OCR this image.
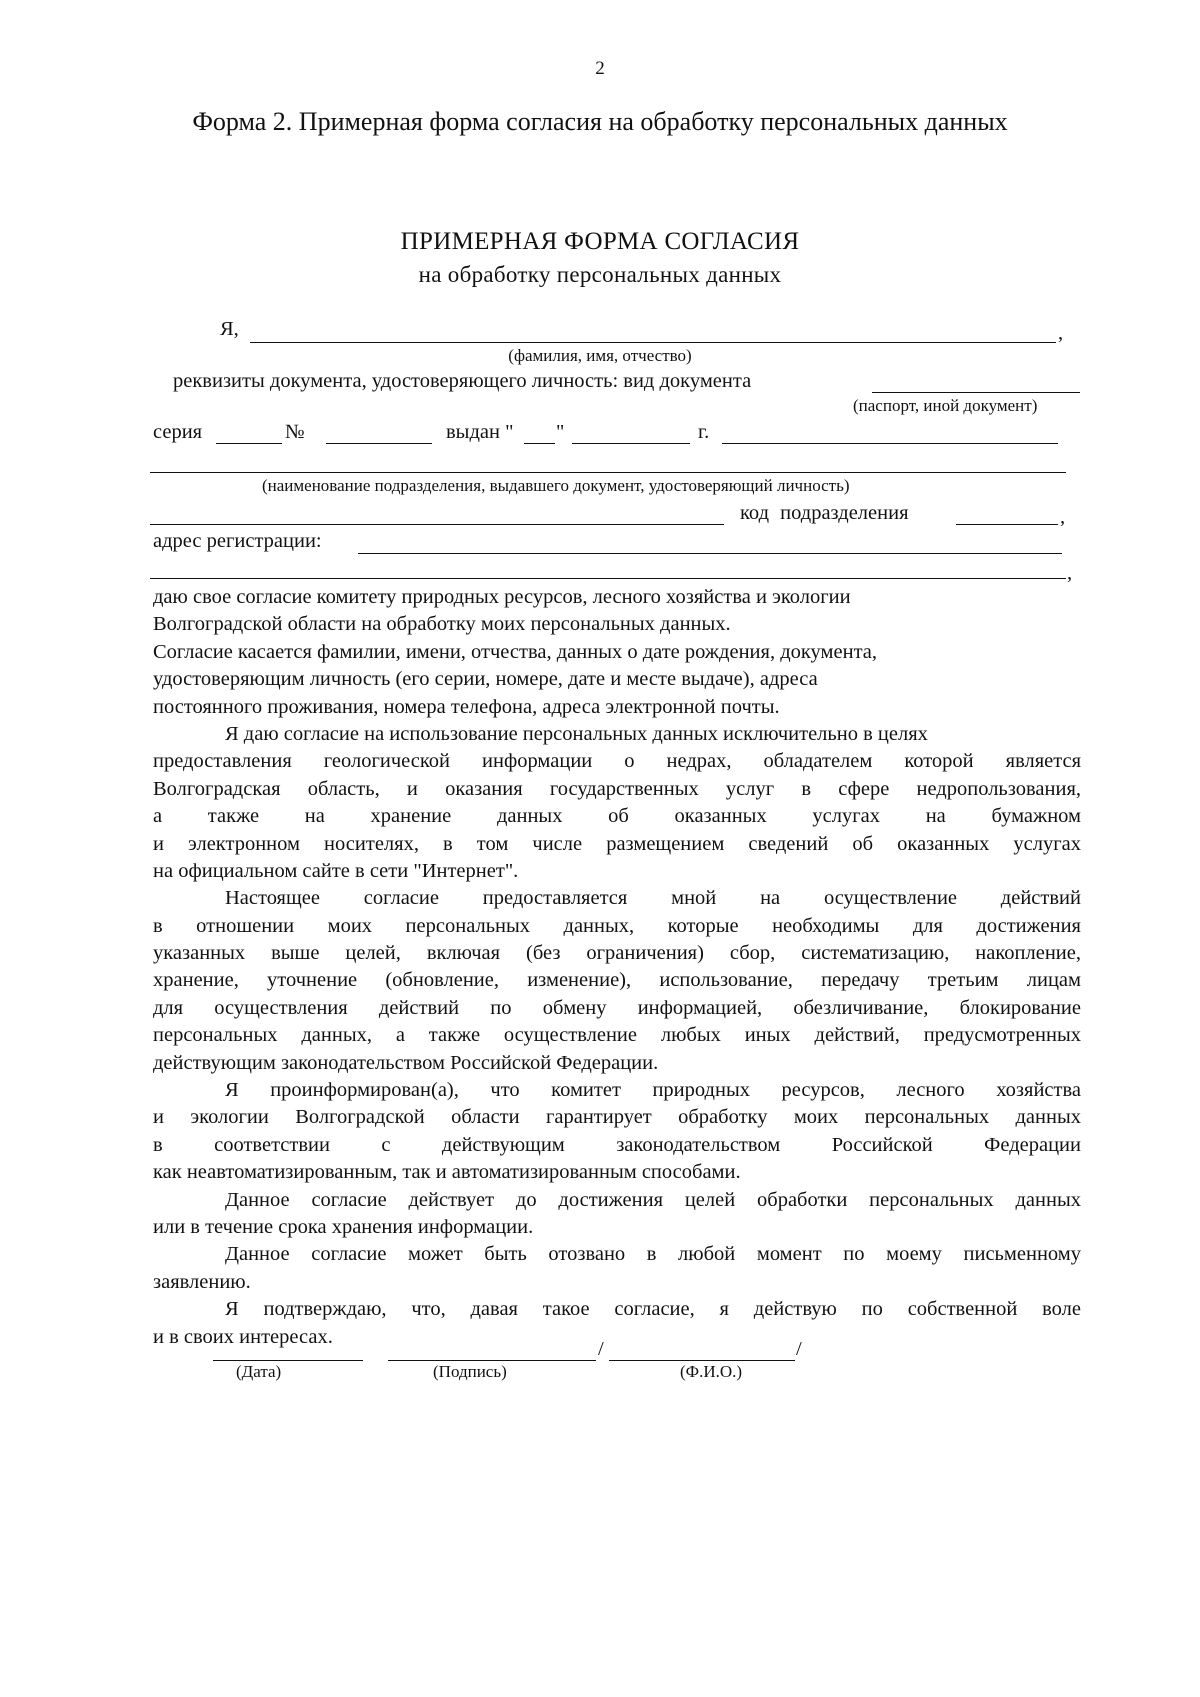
2
Форма 2. Примерная форма согласия на обработку персональных данных
ПРИМЕРНАЯ ФОРМА СОГЛАСИЯ
на обработку персональных данных
Я,	,
(фамилия, имя, отчество)
реквизиты документа, удостоверяющего личность: вид документа
(паспорт, иной документ)
серия	№	выдан " "	г.
(наименование подразделения, выдавшего документ, удостоверяющий личность)
код подразделения	,
адрес регистрации:
,
даю свое согласие комитету природных ресурсов, лесного хозяйства и экологии
Волгоградской области на обработку моих персональных данных.
Согласие касается фамилии, имени, отчества, данных о дате рождения, документа,
удостоверяющим личность (его серии, номере, дате и месте выдаче), адреса
постоянного проживания, номера телефона, адреса электронной почты.
Я даю согласие на использование персональных данных исключительно в целях
предоставления геологической информации о недрах, обладателем которой является
Волгоградская область, и оказания государственных услуг в сфере недропользования,
а также на хранение данных об оказанных услугах на бумажном
и электронном носителях, в том числе размещением сведений об оказанных услугах
на официальном сайте в сети "Интернет".
Настоящее согласие предоставляется мной на осуществление действий
в отношении моих персональных данных, которые необходимы для достижения
указанных выше целей, включая (без ограничения) сбор, систематизацию, накопление,
хранение, уточнение (обновление, изменение), использование, передачу третьим лицам
для осуществления действий по обмену информацией, обезличивание, блокирование
персональных данных, а также осуществление любых иных действий, предусмотренных
действующим законодательством Российской Федерации.
Я проинформирован(а), что комитет природных ресурсов, лесного хозяйства
и экологии Волгоградской области гарантирует обработку моих персональных данных
в соответствии с действующим законодательством Российской Федерации
как неавтоматизированным, так и автоматизированным способами.
Данное согласие действует до достижения целей обработки персональных данных
или в течение срока хранения информации.
Данное согласие может быть отозвано в любой момент по моему письменному
заявлению.
Я подтверждаю, что, давая такое согласие, я действую по собственной воле
и в своих интересах.
/	/
(Дата)	(Подпись)	(Ф.И.О.)
